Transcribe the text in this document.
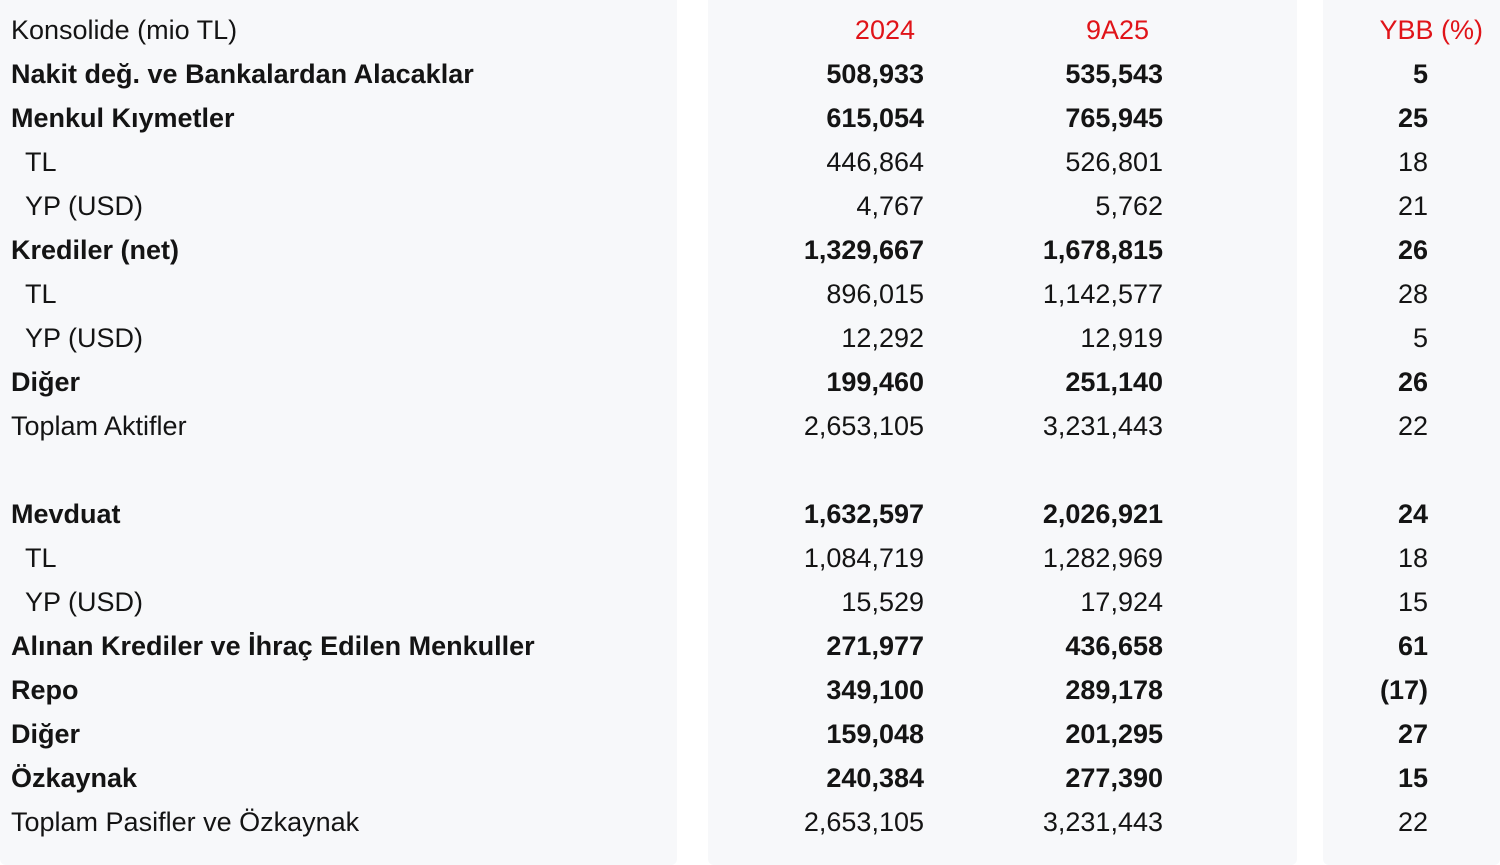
Konsolide (mio TL)	2024	9A25	YBB (%)
Nakit değ. ve Bankalardan Alacaklar	508,933	535,543	5
Menkul Kıymetler	615,054	765,945	25
TL	446,864	526,801	18
YP (USD)	4,767	5,762	21
Krediler (net)	1,329,667	1,678,815	26
TL	896,015	1,142,577	28
YP (USD)	12,292	12,919	5
Diğer	199,460	251,140	26
Toplam Aktifler	2,653,105	3,231,443	22
Mevduat	1,632,597	2,026,921	24
TL	1,084,719	1,282,969	18
YP (USD)	15,529	17,924	15
Alınan Krediler ve İhraç Edilen Menkuller	271,977	436,658	61
Repo	349,100	289,178	(17)
Diğer	159,048	201,295	27
Özkaynak	240,384	277,390	15
Toplam Pasifler ve Özkaynak	2,653,105	3,231,443	22
